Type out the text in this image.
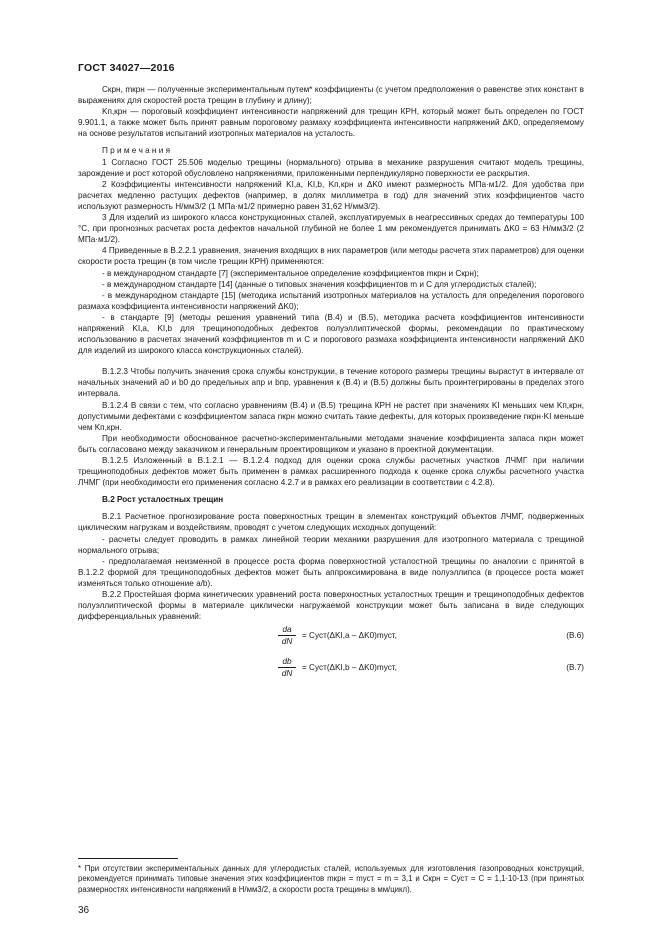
ГОСТ 34027—2016

Cкрн, mкрн — полученные экспериментальным путем* коэффициенты (с учетом предположения о равенстве этих констант в выражениях для скоростей роста трещин в глубину и длину);

Kп,крн — пороговый коэффициент интенсивности напряжений для трещин КРН, который может быть определен по ГОСТ 9.901.1, а также может быть принят равным пороговому размаху коэффициента интенсивности напряжений ΔK0, определяемому на основе результатов испытаний изотропных материалов на усталость.

П р и м е ч а н и я

1 Согласно ГОСТ 25.506 моделью трещины (нормального) отрыва в механике разрушения считают модель трещины, зарождение и рост которой обусловлено напряжениями, приложенными перпендикулярно поверхности ее раскрытия.

2 Коэффициенты интенсивности напряжений KI,a, KI,b, Kп,крн и ΔK0 имеют размерность МПа·м1/2. Для удобства при расчетах медленно растущих дефектов (например, в долях миллиметра в год) для значений этих коэффициентов часто используют размерность Н/мм3/2 (1 МПа·м1/2 примерно равен 31,62 Н/мм3/2).

3 Для изделий из широкого класса конструкционных сталей, эксплуатируемых в неагрессивных средах до температуры 100 °С, при прогнозных расчетах роста дефектов начальной глубиной не более 1 мм рекомендуется принимать ΔK0 = 63 Н/мм3/2 (2 МПа·м1/2).

4 Приведенные в В.2.2.1 уравнения, значения входящих в них параметров (или методы расчета этих параметров) для оценки скорости роста трещин (в том числе трещин КРН) применяются:

- в международном стандарте [7] (экспериментальное определение коэффициентов mкрн и Cкрн);

- в международном стандарте [14] (данные о типовых значения коэффициентов m и C для углеродистых сталей);

- в международном стандарте [15] (методика испытаний изотропных материалов на усталость для определения порогового размаха коэффициента интенсивности напряжений ΔK0);

- в стандарте [9] (методы решения уравнений типа (В.4) и (В.5), методика расчета коэффициентов интенсивности напряжений KI,a, KI,b для трещиноподобных дефектов полуэллиптической формы, рекомендации по практическому использованию в расчетах значений коэффициентов m и C и порогового размаха коэффициента интенсивности напряжений ΔK0 для изделий из широкого класса конструкционных сталей).

В.1.2.3 Чтобы получить значения срока службы конструкции, в течение которого размеры трещины вырастут в интервале от начальных значений a0 и b0 до предельных aпр и bпр, уравнения к (В.4) и (В.5) должны быть проинтегрированы в пределах этого интервала.

В.1.2.4 В связи с тем, что согласно уравнениям (В.4) и (В.5) трещина КРН не растет при значениях KI меньших чем Kп,крн, допустимыми дефектами с коэффициентом запаса nкрн можно считать такие дефекты, для которых произведение nкрн·KI меньше чем Kп,крн.

При необходимости обоснованное расчетно-экспериментальными методами значение коэффициента запаса nкрн может быть согласовано между заказчиком и генеральным проектировщиком и указано в проектной документации.

В.1.2.5 Изложенный в В.1.2.1 — В.1.2.4 подход для оценки срока службы расчетных участков ЛЧМГ при наличии трещиноподобных дефектов может быть применен в рамках расширенного подхода к оценке срока службы расчетного участка ЛЧМГ (при необходимости его применения согласно 4.2.7 и в рамках его реализации в соответствии с 4.2.8).

В.2 Рост усталостных трещин

В.2.1 Расчетное прогнозирование роста поверхностных трещин в элементах конструкций объектов ЛЧМГ, подверженных циклическим нагрузкам и воздействиям, проводят с учетом следующих исходных допущений:

- расчеты следует проводить в рамках линейной теории механики разрушения для изотропного материала с трещиной нормального отрыва;

- предполагаемая неизменной в процессе роста форма поверхностной усталостной трещины по аналогии с принятой в В.1.2.2 формой для трещиноподобных дефектов может быть аппроксимирована в виде полуэллипса (в процессе роста может изменяться только отношение a/b).

В.2.2 Простейшая форма кинетических уравнений роста поверхностных усталостных трещин и трещиноподобных дефектов полуэллиптической формы в материале циклически нагружаемой конструкции может быть записана в виде следующих дифференциальных уравнений:

dа
dN
= Cуст(ΔKI,a – ΔK0)mуст,	(В.6)
$\frac{db}{dN}$ = Cуст(ΔKI,b – ΔK0)mуст,	(В.7)
* При отсутствии экспериментальных данных для углеродистых сталей, используемых для изготовления газопроводных конструкций, рекомендуется принимать типовые значения этих коэффициентов mкрн = mуст = m = 3,1 и Cкрн = Cуст = C = 1,1·10-13 (при принятых размерностях интенсивности напряжений в Н/мм3/2, а скорости роста трещины в мм/цикл).
36
